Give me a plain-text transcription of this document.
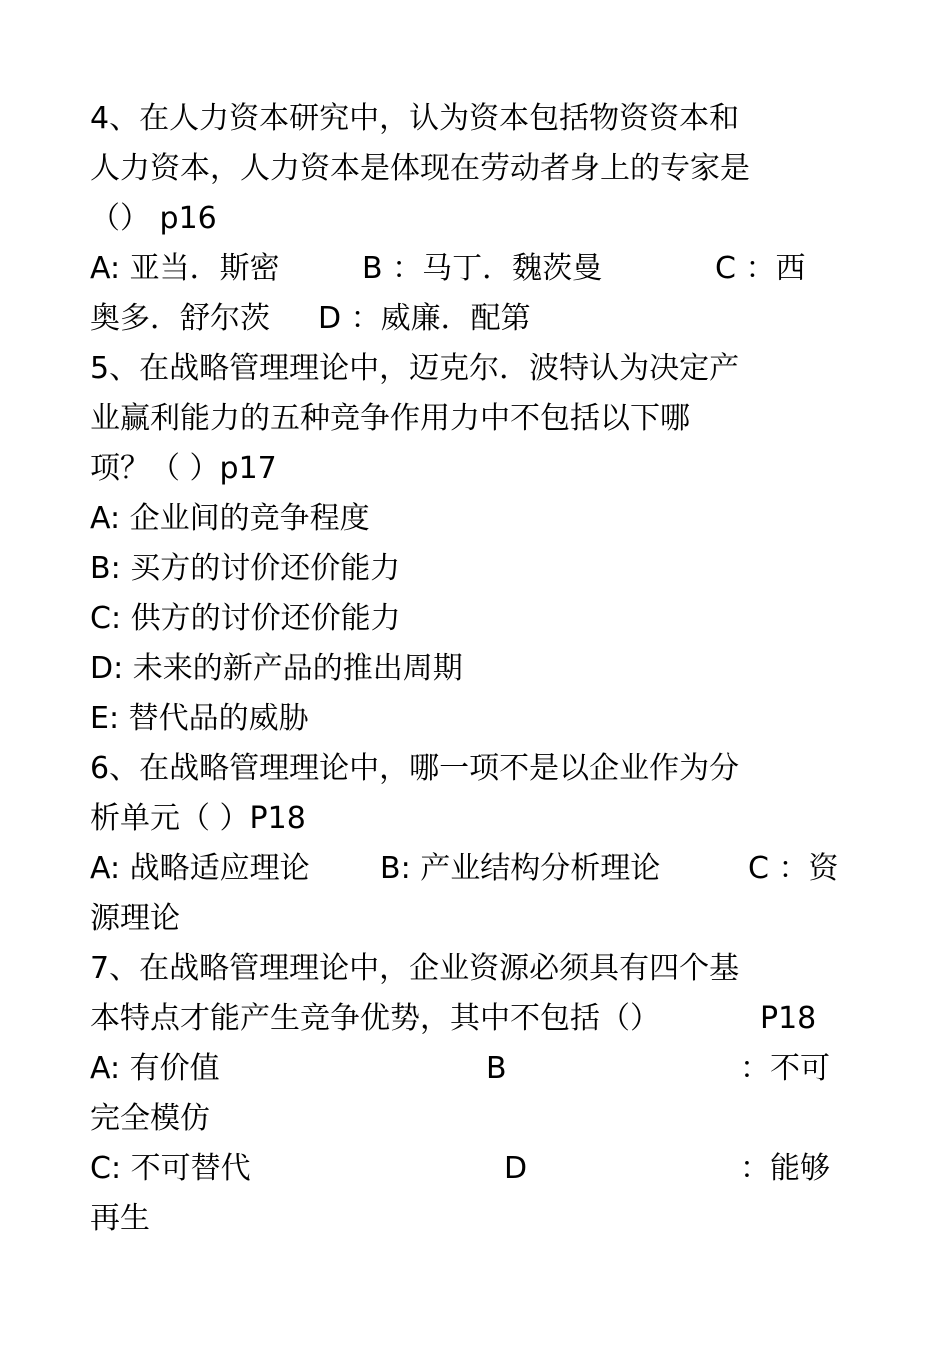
4、在人力资本研究中，认为资本包括物资资本和
人力资本，人力资本是体现在劳动者身上的专家是
（） p16

A: 亚当．斯密

	B ：马丁．魏茨曼

	C ：西

奥多．舒尔茨

D ：威廉．配第

5、在战略管理理论中，迈克尔．波特认为决定产
业赢利能力的五种竞争作用力中不包括以下哪
项？（ ）p17
A: 企业间的竞争程度
B: 买方的讨价还价能力
C: 供方的讨价还价能力
D: 未来的新产品的推出周期
E: 替代品的威胁
6、在战略管理理论中，哪一项不是以企业作为分
析单元（ ）P18

A: 战略适应理论

B: 产业结构分析理论

	C ：资

源理论
7、在战略管理理论中，企业资源必须具有四个基

本特点才能产生竞争优势，其中不包括（）

	P18

A: 有价值

	B

	：不可

完全模仿

C: 不可替代

	D

	：能够

再生
